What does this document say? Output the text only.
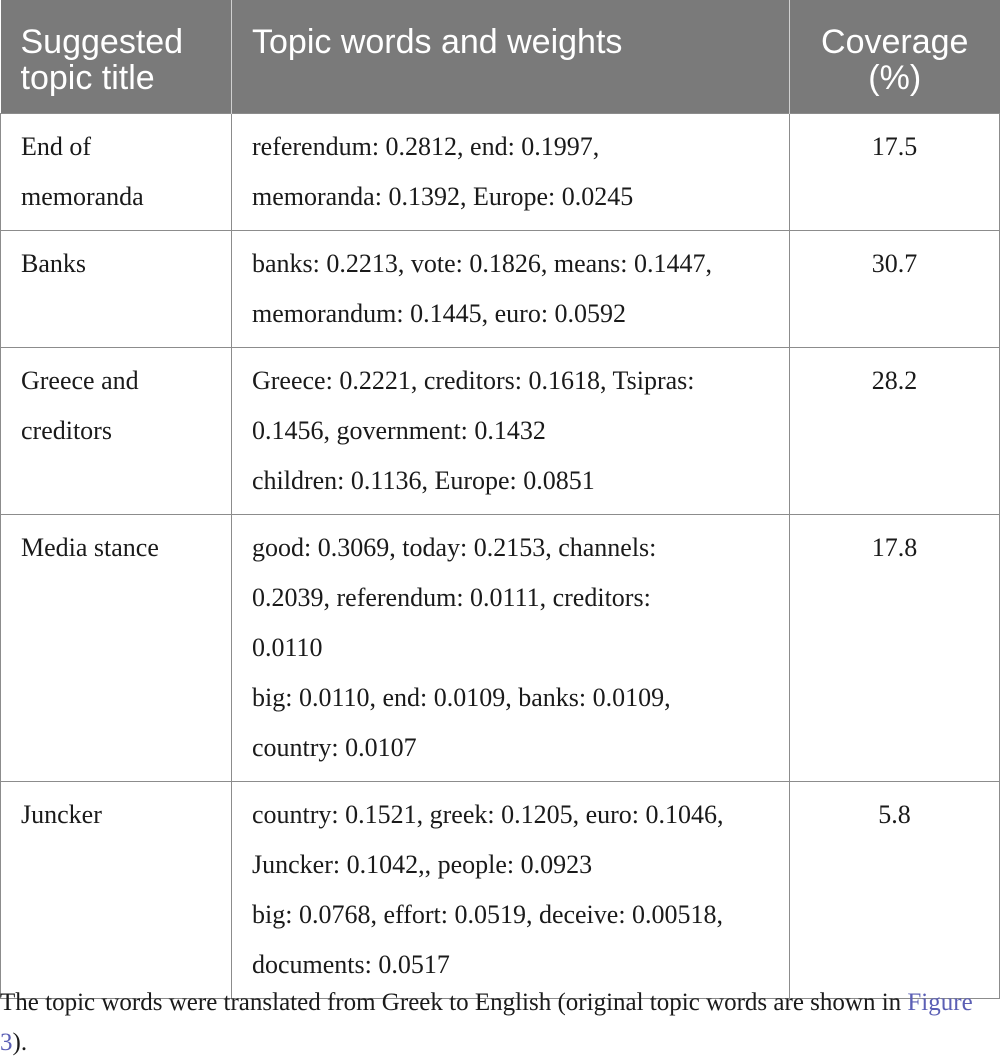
Suggested topic title	Topic words and weights	Coverage (%)

End of
memoranda	referendum: 0.2812, end: 0.1997,
memoranda: 0.1392, Europe: 0.0245	17.5

Banks	banks: 0.2213, vote: 0.1826, means: 0.1447,
memorandum: 0.1445, euro: 0.0592	30.7

Greece and
creditors	Greece: 0.2221, creditors: 0.1618, Tsipras:
0.1456, government: 0.1432
children: 0.1136, Europe: 0.0851	28.2

Media stance	good: 0.3069, today: 0.2153, channels:
0.2039, referendum: 0.0111, creditors:
0.0110
big: 0.0110, end: 0.0109, banks: 0.0109,
country: 0.0107	17.8

Juncker	country: 0.1521, greek: 0.1205, euro: 0.1046,
Juncker: 0.1042,, people: 0.0923
big: 0.0768, effort: 0.0519, deceive: 0.00518,
documents: 0.0517	5.8
The topic words were translated from Greek to English (original topic words are shown in Figure 3).
